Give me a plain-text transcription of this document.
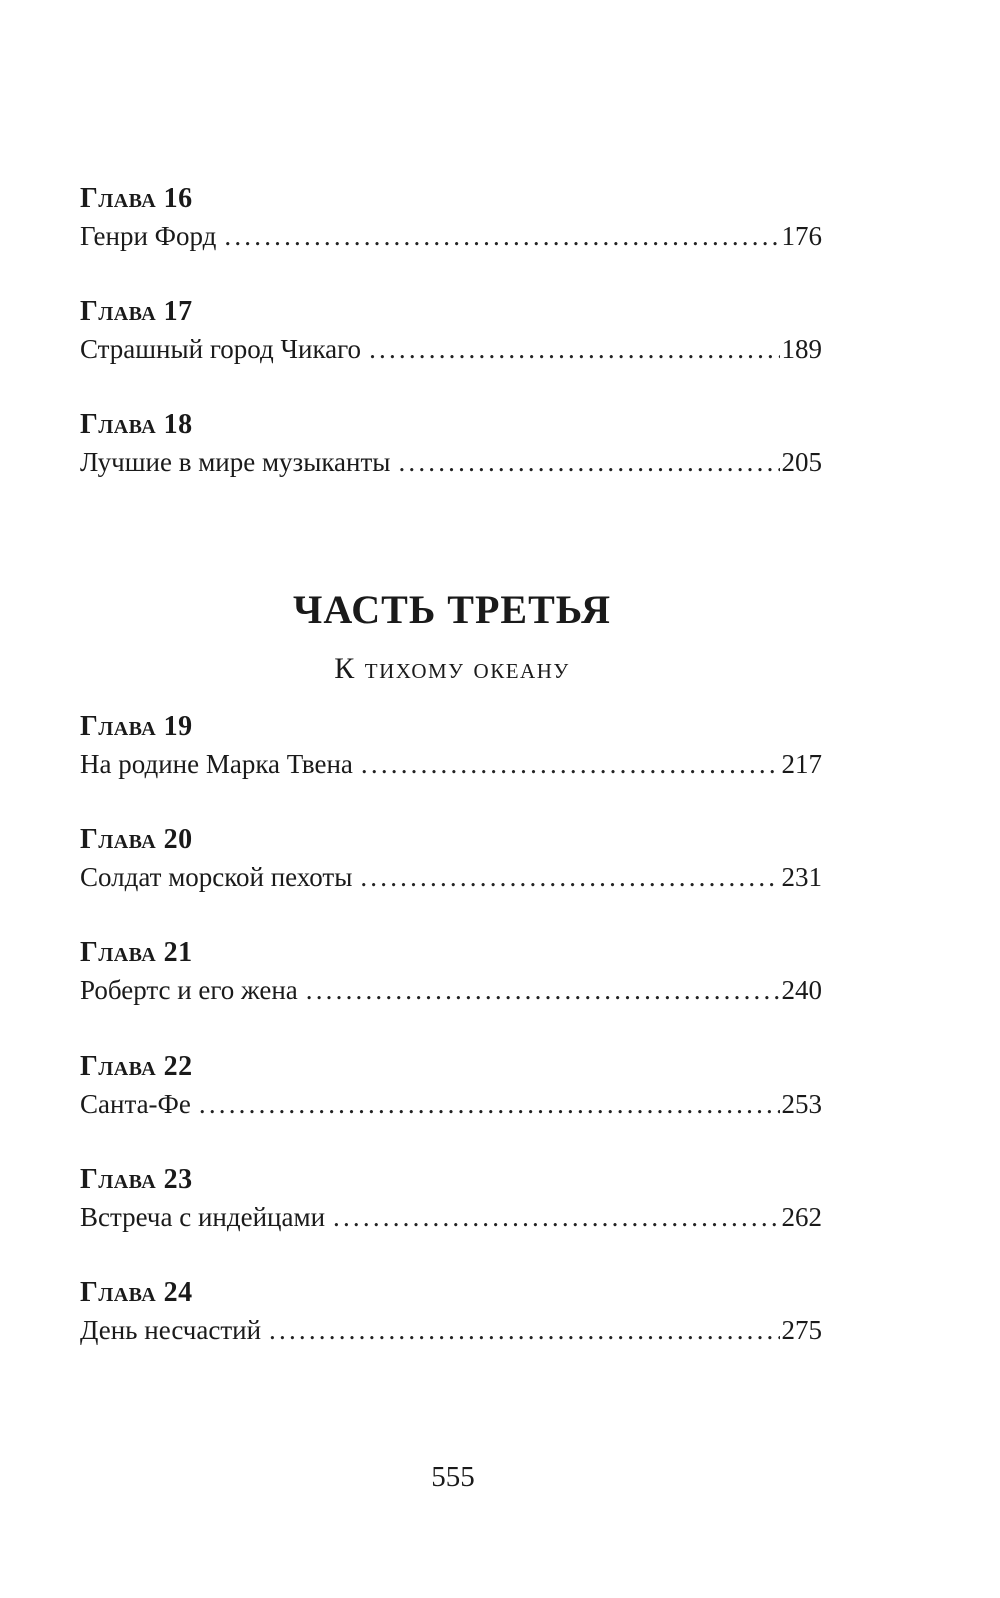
Глава 16
Генри Форд .....	176
Глава 17
Страшный город Чикаго .....	189
Глава 18
Лучшие в мире музыканты .....	205
ЧАСТЬ ТРЕТЬЯ
К тихому океану
Глава 19
На родине Марка Твена .....	217
Глава 20
Солдат морской пехоты .....	231
Глава 21
Робертс и его жена .....	240
Глава 22
Санта-Фе .....	253
Глава 23
Встреча с индейцами .....	262
Глава 24
День несчастий .....	275
555
